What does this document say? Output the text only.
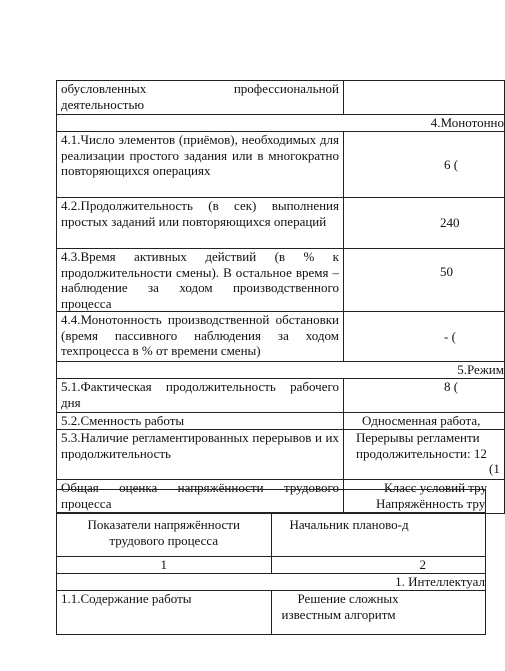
обусловленных профессиональной деятельностью	
4.Монотонно	
4.1.Число элементов (приёмов), необходимых для реализации простого задания или в многократно повторяющихся операциях	6 (
4.2.Продолжительность (в сек) выполнения простых заданий или повторяющихся операций	240
4.3.Время активных действий (в % к продолжительности смены). В остальное время – наблюдение за ходом производственного процесса	50
4.4.Монотонность производственной обстановки (время пассивного наблюдения за ходом техпроцесса в % от времени смены)	- (
5.Режим	
5.1.Фактическая продолжительность рабочего дня	8 (
5.2.Сменность работы	Односменная работа,
5.3.Наличие регламентированных перерывов и их продолжительность	Перерывы регламенти
продолжительности: 12
(1

Общая оценка напряжённости трудового процесса	Класс условий тру
Напряжённость тру

Показатели напряжённости трудового процесса	Начальник планово-д
1	2
1. Интеллектуал	
1.1.Содержание работы	Решение сложных
известным алгоритм
